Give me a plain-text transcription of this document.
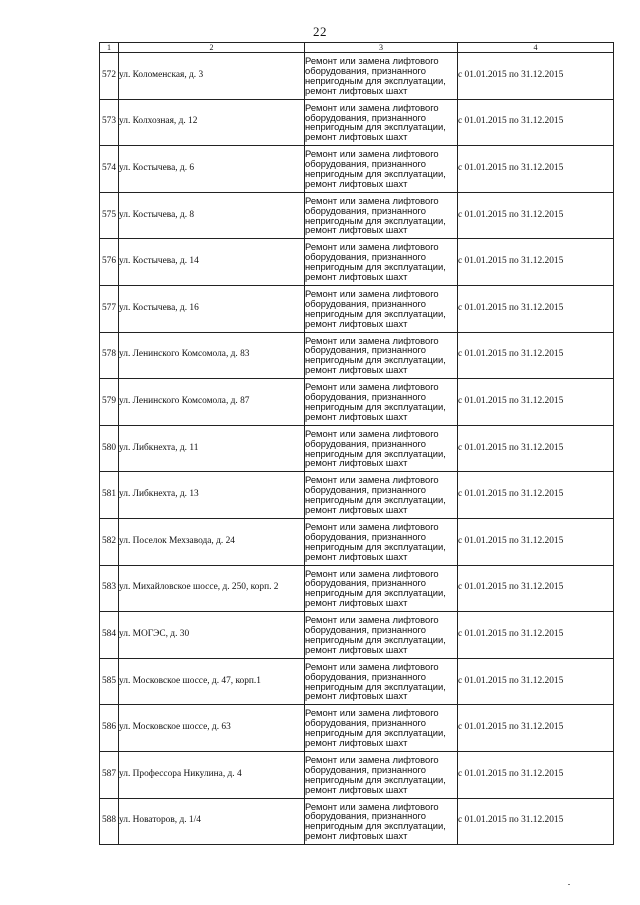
22
1	2	3	4
572	ул. Коломенская, д. 3	Ремонт или замена лифтового оборудования, признанного непригодным для эксплуатации, ремонт лифтовых шахт	с 01.01.2015 по 31.12.2015
573	ул. Колхозная, д. 12	Ремонт или замена лифтового оборудования, признанного непригодным для эксплуатации, ремонт лифтовых шахт	с 01.01.2015 по 31.12.2015
574	ул. Костычева, д. 6	Ремонт или замена лифтового оборудования, признанного непригодным для эксплуатации, ремонт лифтовых шахт	с 01.01.2015 по 31.12.2015
575	ул. Костычева, д. 8	Ремонт или замена лифтового оборудования, признанного непригодным для эксплуатации, ремонт лифтовых шахт	с 01.01.2015 по 31.12.2015
576	ул. Костычева, д. 14	Ремонт или замена лифтового оборудования, признанного непригодным для эксплуатации, ремонт лифтовых шахт	с 01.01.2015 по 31.12.2015
577	ул. Костычева, д. 16	Ремонт или замена лифтового оборудования, признанного непригодным для эксплуатации, ремонт лифтовых шахт	с 01.01.2015 по 31.12.2015
578	ул. Ленинского Комсомола, д. 83	Ремонт или замена лифтового оборудования, признанного непригодным для эксплуатации, ремонт лифтовых шахт	с 01.01.2015 по 31.12.2015
579	ул. Ленинского Комсомола, д. 87	Ремонт или замена лифтового оборудования, признанного непригодным для эксплуатации, ремонт лифтовых шахт	с 01.01.2015 по 31.12.2015
580	ул. Либкнехта, д. 11	Ремонт или замена лифтового оборудования, признанного непригодным для эксплуатации, ремонт лифтовых шахт	с 01.01.2015 по 31.12.2015
581	ул. Либкнехта, д. 13	Ремонт или замена лифтового оборудования, признанного непригодным для эксплуатации, ремонт лифтовых шахт	с 01.01.2015 по 31.12.2015
582	ул. Поселок Мехзавода, д. 24	Ремонт или замена лифтового оборудования, признанного непригодным для эксплуатации, ремонт лифтовых шахт	с 01.01.2015 по 31.12.2015
583	ул. Михайловское шоссе, д. 250, корп. 2	Ремонт или замена лифтового оборудования, признанного непригодным для эксплуатации, ремонт лифтовых шахт	с 01.01.2015 по 31.12.2015
584	ул. МОГЭС, д. 30	Ремонт или замена лифтового оборудования, признанного непригодным для эксплуатации, ремонт лифтовых шахт	с 01.01.2015 по 31.12.2015
585	ул. Московское шоссе, д. 47, корп.1	Ремонт или замена лифтового оборудования, признанного непригодным для эксплуатации, ремонт лифтовых шахт	с 01.01.2015 по 31.12.2015
586	ул. Московское шоссе, д. 63	Ремонт или замена лифтового оборудования, признанного непригодным для эксплуатации, ремонт лифтовых шахт	с 01.01.2015 по 31.12.2015
587	ул. Профессора Никулина, д. 4	Ремонт или замена лифтового оборудования, признанного непригодным для эксплуатации, ремонт лифтовых шахт	с 01.01.2015 по 31.12.2015
588	ул. Новаторов, д. 1/4	Ремонт или замена лифтового оборудования, признанного непригодным для эксплуатации, ремонт лифтовых шахт	с 01.01.2015 по 31.12.2015
